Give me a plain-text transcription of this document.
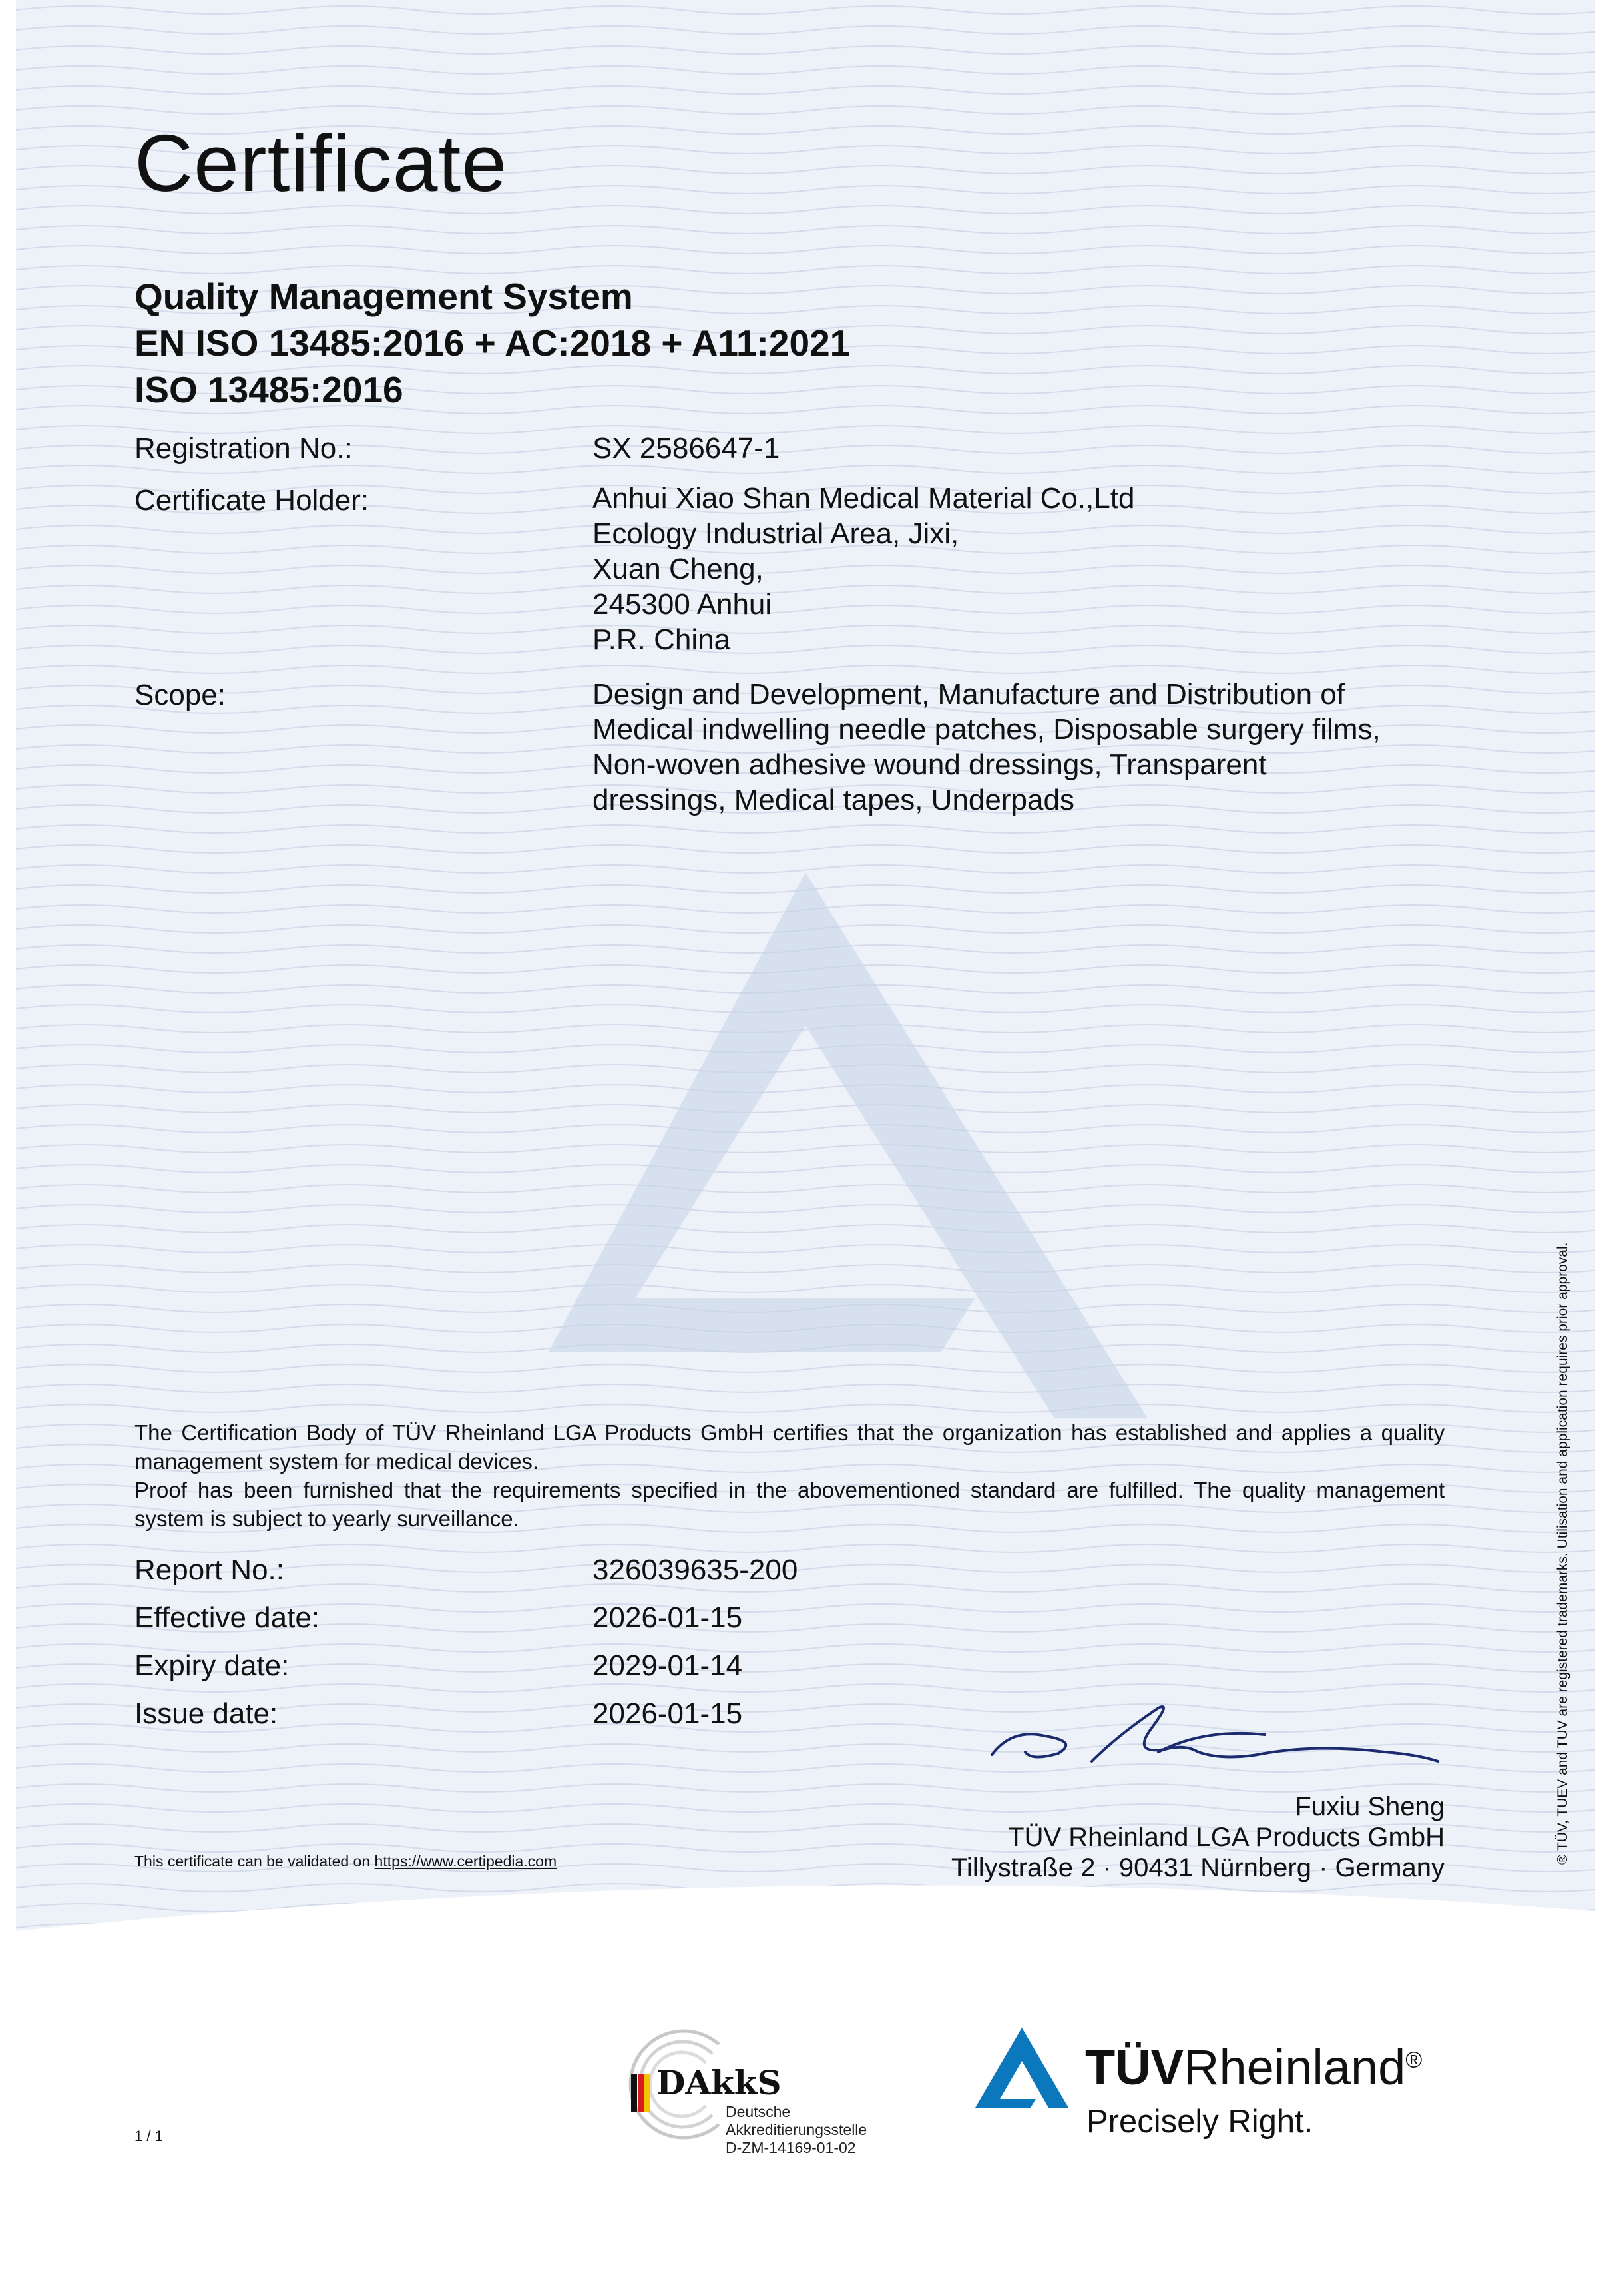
Certificate
Quality Management System
EN ISO 13485:2016 + AC:2018 + A11:2021
ISO 13485:2016
Registration No.:	SX 2586647-1
Certificate Holder:	Anhui Xiao Shan Medical Material Co.,Ltd
Ecology Industrial Area, Jixi,
Xuan Cheng,
245300 Anhui
P.R. China
Scope:	Design and Development, Manufacture and Distribution of
Medical indwelling needle patches, Disposable surgery films,
Non-woven adhesive wound dressings, Transparent
dressings, Medical tapes, Underpads

The Certification Body of TÜV Rheinland LGA Products GmbH certifies that the organization has established and applies a quality management system for medical devices.

Proof has been furnished that the requirements specified in the abovementioned standard are fulfilled. The quality management system is subject to yearly surveillance.

Report No.:	326039635-200
Effective date:	2026-01-15
Expiry date:	2029-01-14
Issue date:	2026-01-15
Fuxiu Sheng
TÜV Rheinland LGA Products GmbH
Tillystraße 2 · 90431 Nürnberg · Germany
This certificate can be validated on https://www.certipedia.com	® TÜV, TUEV and TUV are registered trademarks. Utilisation and application requires prior approval.
1 / 1
DAkkS
Deutsche
Akkreditierungsstelle
D-ZM-14169-01-02
TÜVRheinland®
Precisely Right.
